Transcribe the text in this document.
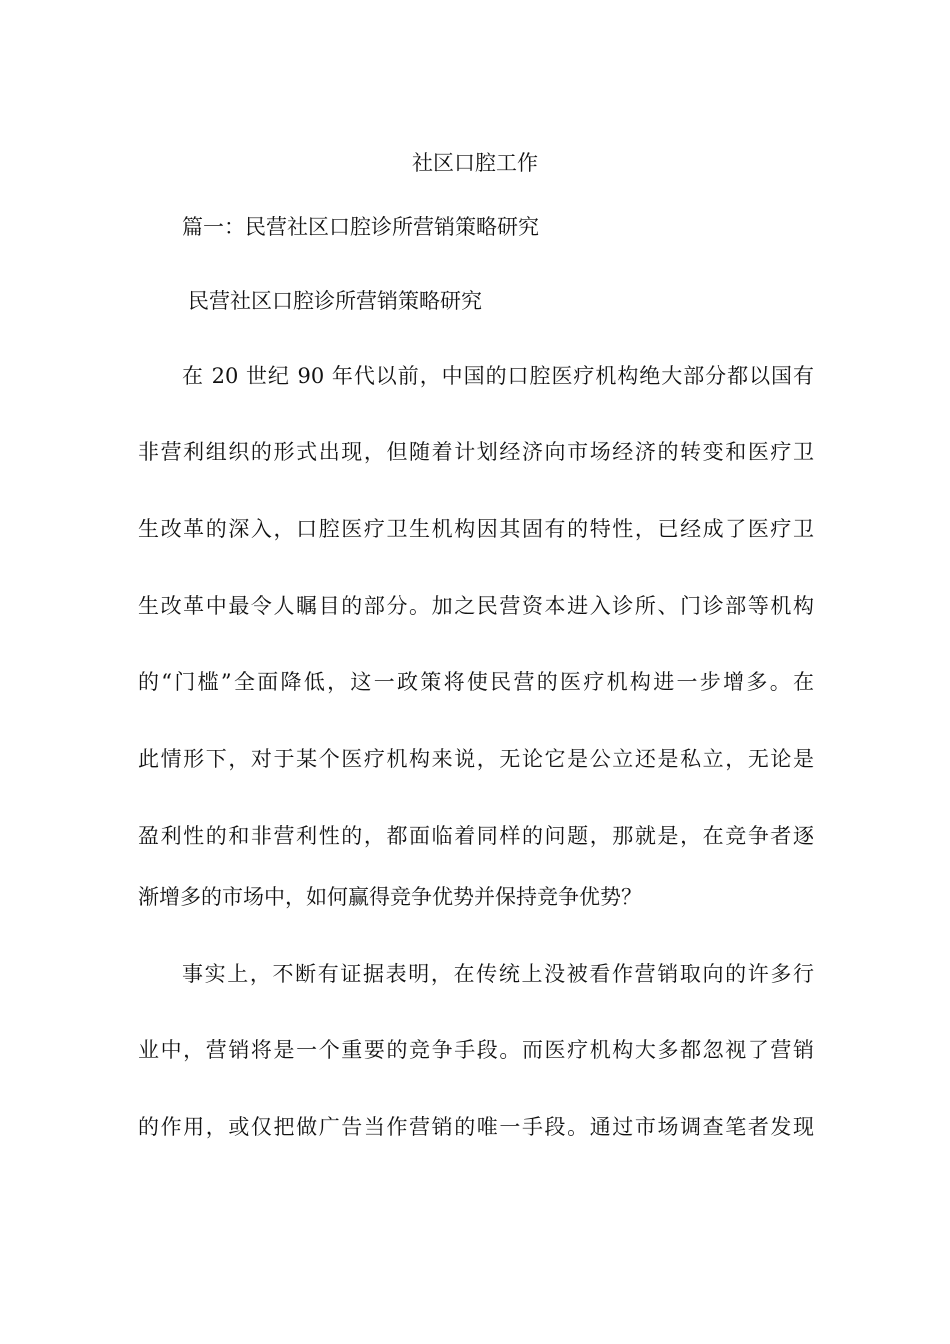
社区口腔工作
篇一：民营社区口腔诊所营销策略研究
民营社区口腔诊所营销策略研究
在 20 世纪 90 年代以前，中国的口腔医疗机构绝大部分都以国有
非营利组织的形式出现，但随着计划经济向市场经济的转变和医疗卫
生改革的深入，口腔医疗卫生机构因其固有的特性，已经成了医疗卫
生改革中最令人瞩目的部分。加之民营资本进入诊所、门诊部等机构
的“门槛”全面降低，这一政策将使民营的医疗机构进一步增多。在
此情形下，对于某个医疗机构来说，无论它是公立还是私立，无论是
盈利性的和非营利性的，都面临着同样的问题，那就是，在竞争者逐
渐增多的市场中，如何赢得竞争优势并保持竞争优势？
事实上，不断有证据表明，在传统上没被看作营销取向的许多行
业中，营销将是一个重要的竞争手段。而医疗机构大多都忽视了营销
的作用，或仅把做广告当作营销的唯一手段。通过市场调查笔者发现
